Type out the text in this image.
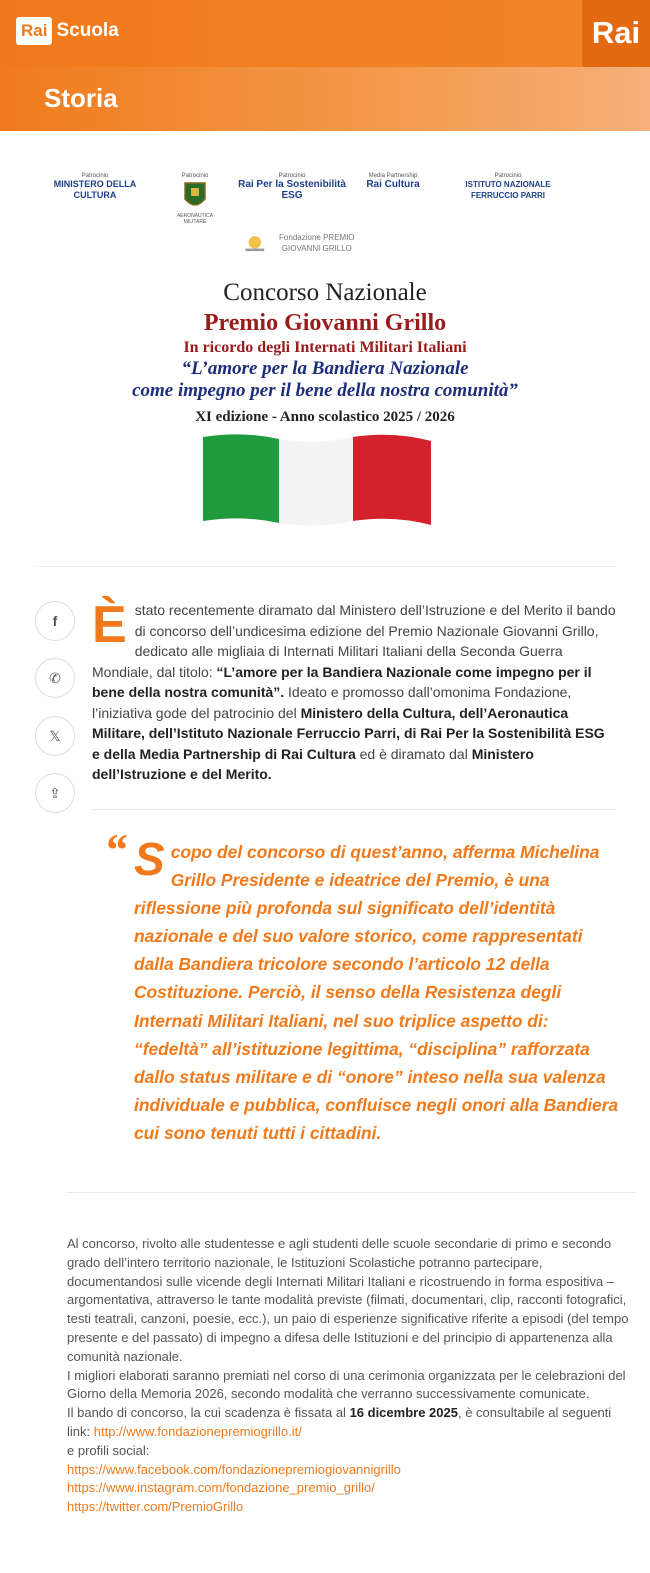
Rai Scuola	Rai
Storia
Patrocinio
MINISTERO DELLA CULTURA
Patrocinio
AERONAUTICA MILITARE
Patrocinio
Rai Per la Sostenibilità ESG
Media Partnership
Rai Cultura
Patrocinio
ISTITUTO NAZIONALE FERRUCCIO PARRI
Fondazione PREMIO GIOVANNI GRILLO
Concorso Nazionale
Premio Giovanni Grillo
In ricordo degli Internati Militari Italiani
“L’amore per la Bandiera Nazionale
come impegno per il bene della nostra comunità”
XI edizione - Anno scolastico 2025 / 2026
f
✆
𝕏
⇪
Èstato recentemente diramato dal Ministero dell’Istruzione e del Merito il bando di concorso dell’undicesima edizione del Premio Nazionale Giovanni Grillo, dedicato alle migliaia di Internati Militari Italiani della Seconda Guerra Mondiale, dal titolo: “L’amore per la Bandiera Nazionale come impegno per il bene della nostra comunità”. Ideato e promosso dall’omonima Fondazione, l’iniziativa gode del patrocinio del Ministero della Cultura, dell’Aeronautica Militare, dell’Istituto Nazionale Ferruccio Parri, di Rai Per la Sostenibilità ESG e della Media Partnership di Rai Cultura ed è diramato dal Ministero dell’Istruzione e del Merito.
“ Scopo del concorso di quest’anno, afferma Michelina Grillo Presidente e ideatrice del Premio, è una riflessione più profonda sul significato dell’identità nazionale e del suo valore storico, come rappresentati dalla Bandiera tricolore secondo l’articolo 12 della Costituzione. Perciò, il senso della Resistenza degli Internati Militari Italiani, nel suo triplice aspetto di: “fedeltà” all’istituzione legittima, “disciplina” rafforzata dallo status militare e di “onore” inteso nella sua valenza individuale e pubblica, confluisce negli onori alla Bandiera cui sono tenuti tutti i cittadini.
Al concorso, rivolto alle studentesse e agli studenti delle scuole secondarie di primo e secondo grado dell’intero territorio nazionale, le Istituzioni Scolastiche potranno partecipare, documentandosi sulle vicende degli Internati Militari Italiani e ricostruendo in forma espositiva – argomentativa, attraverso le tante modalità previste (filmati, documentari, clip, racconti fotografici, testi teatrali, canzoni, poesie, ecc.), un paio di esperienze significative riferite a episodi (del tempo presente e del passato) di impegno a difesa delle Istituzioni e del principio di appartenenza alla comunità nazionale.
I migliori elaborati saranno premiati nel corso di una cerimonia organizzata per le celebrazioni del Giorno della Memoria 2026, secondo modalità che verranno successivamente comunicate.
Il bando di concorso, la cui scadenza è fissata al 16 dicembre 2025, è consultabile al seguenti link: http://www.fondazionepremiogrillo.it/
e profili social:
https://www.facebook.com/fondazionepremiogiovannigrillo
https://www.instagram.com/fondazione_premio_grillo/
https://twitter.com/PremioGrillo
